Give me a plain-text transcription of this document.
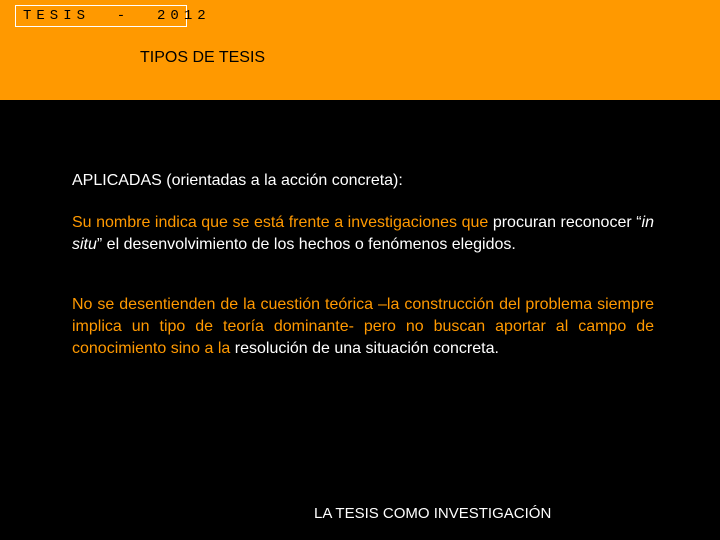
TESIS  -  2012
TIPOS DE TESIS

APLICADAS (orientadas a la acción concreta):

Su nombre indica que se está frente a investigaciones que procuran reconocer “in situ” el desenvolvimiento de los hechos o fenómenos elegidos.

No se desentienden de la cuestión teórica –la construcción del problema siempre implica un tipo de teoría dominante- pero no buscan aportar al campo de conocimiento sino a la resolución de una situación concreta.

LA TESIS COMO INVESTIGACIÓN
